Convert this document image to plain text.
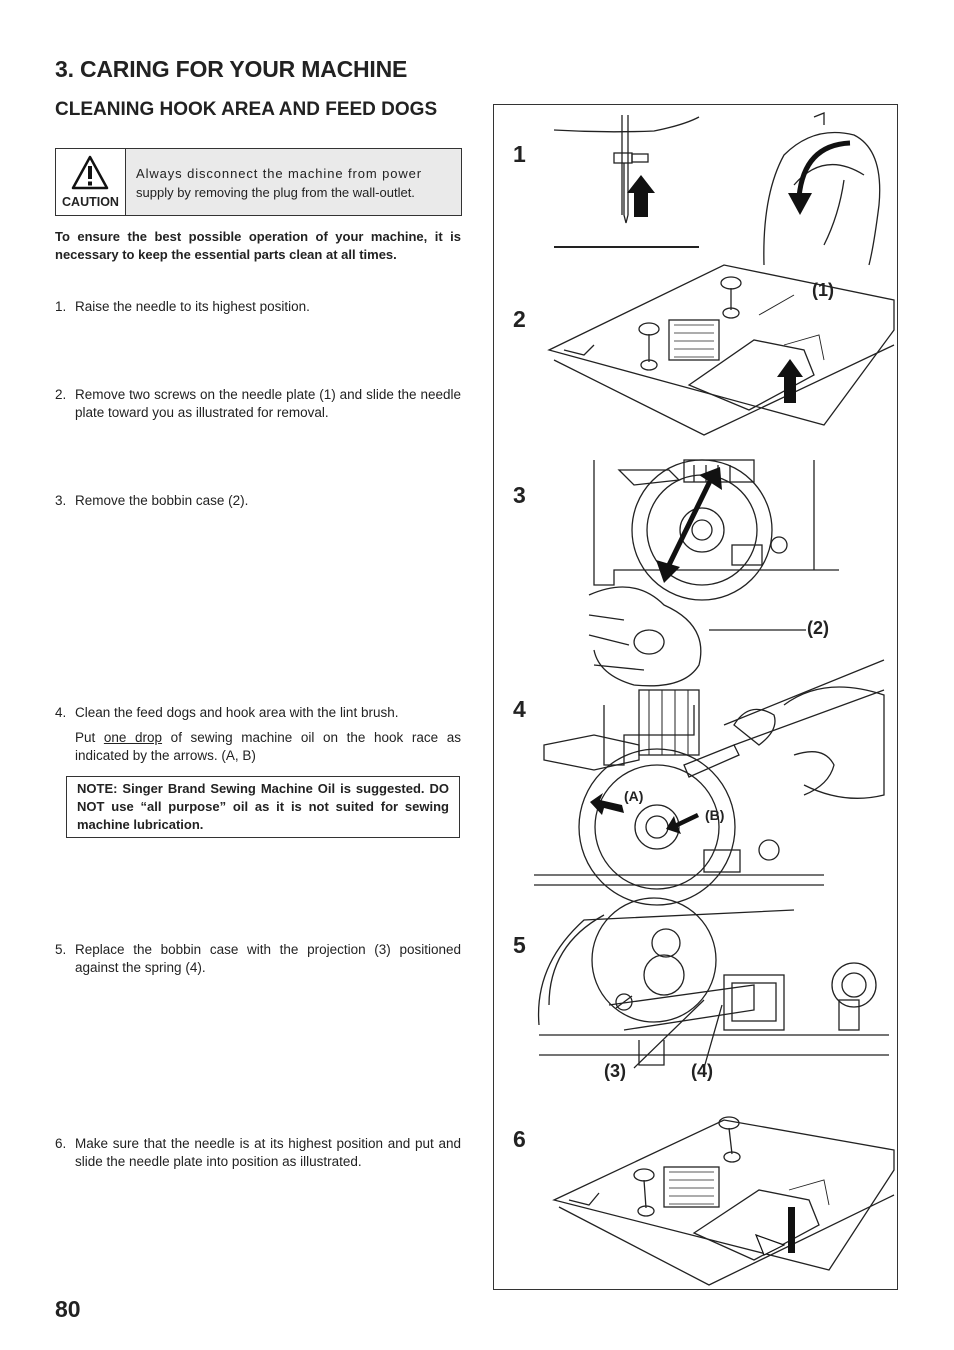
3. CARING FOR YOUR MACHINE
CLEANING HOOK AREA AND FEED DOGS
CAUTION
Always disconnect the machine from power
supply by removing the plug from the wall-outlet.

To ensure the best possible operation of your machine, it is necessary to keep the essential parts clean at all times.

1. Raise the needle to its highest position.
2. Remove two screws on the needle plate (1) and slide the needle plate toward you as illustrated for removal.
3. Remove the bobbin case (2).
4. Clean the feed dogs and hook area with the lint brush.
Put one drop of sewing machine oil on the hook race as indicated by the arrows. (A, B)
NOTE: Singer Brand Sewing Machine Oil is suggested. DO NOT use “all purpose” oil as it is not suited for sewing machine lubrication.
5. Replace the bobbin case with the projection (3) positioned against the spring (4).
6. Make sure that the needle is at its highest position and put and slide the needle plate into position as illustrated.
80
1
2
3
4
5
6
(1)
(2)
(3)	(4)
(A)
(B)
